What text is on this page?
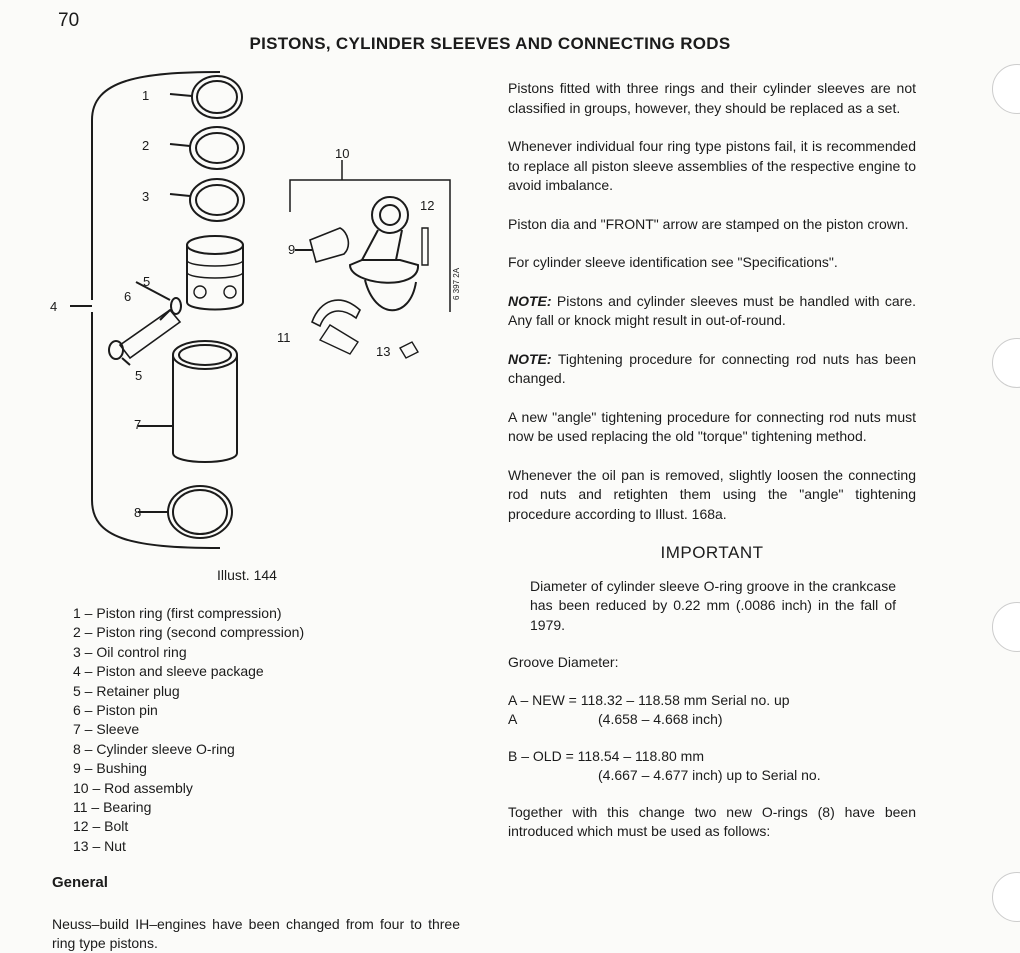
70
PISTONS, CYLINDER SLEEVES AND CONNECTING RODS
1
2
3
4
5
6
5
7
8
9
10
11
12
13
6 397 2A
Illust. 144
1 – Piston ring (first compression)
2 – Piston ring (second compression)
3 – Oil control ring
4 – Piston and sleeve package
5 – Retainer plug
6 – Piston pin
7 – Sleeve
8 – Cylinder sleeve O-ring
9 – Bushing
10 – Rod assembly
11 – Bearing
12 – Bolt
13 – Nut
General

Neuss–build IH–engines have been changed from four to three ring type pistons.

Pistons fitted with three rings and their cylinder sleeves are not classified in groups, however, they should be replaced as a set.

Whenever individual four ring type pistons fail, it is recommended to replace all piston sleeve assemblies of the respective engine to avoid imbalance.

Piston dia and "FRONT" arrow are stamped on the piston crown.

For cylinder sleeve identification see "Specifications".

NOTE: Pistons and cylinder sleeves must be handled with care. Any fall or knock might result in out-of-round.

NOTE: Tightening procedure for connecting rod nuts has been changed.

A new "angle" tightening procedure for connecting rod nuts must now be used replacing the old "torque" tightening method.

Whenever the oil pan is removed, slightly loosen the connecting rod nuts and retighten them using the "angle" tightening procedure according to Illust. 168a.

IMPORTANT

Diameter of cylinder sleeve O-ring groove in the crankcase has been reduced by 0.22 mm (.0086 inch) in the fall of 1979.

Groove Diameter:

A – NEW = 118.32 – 118.58 mm Serial no. up
A	(4.658 – 4.668 inch)
B – OLD = 118.54 – 118.80 mm
(4.667 – 4.677 inch) up to Serial no.

Together with this change two new O-rings (8) have been introduced which must be used as follows:
